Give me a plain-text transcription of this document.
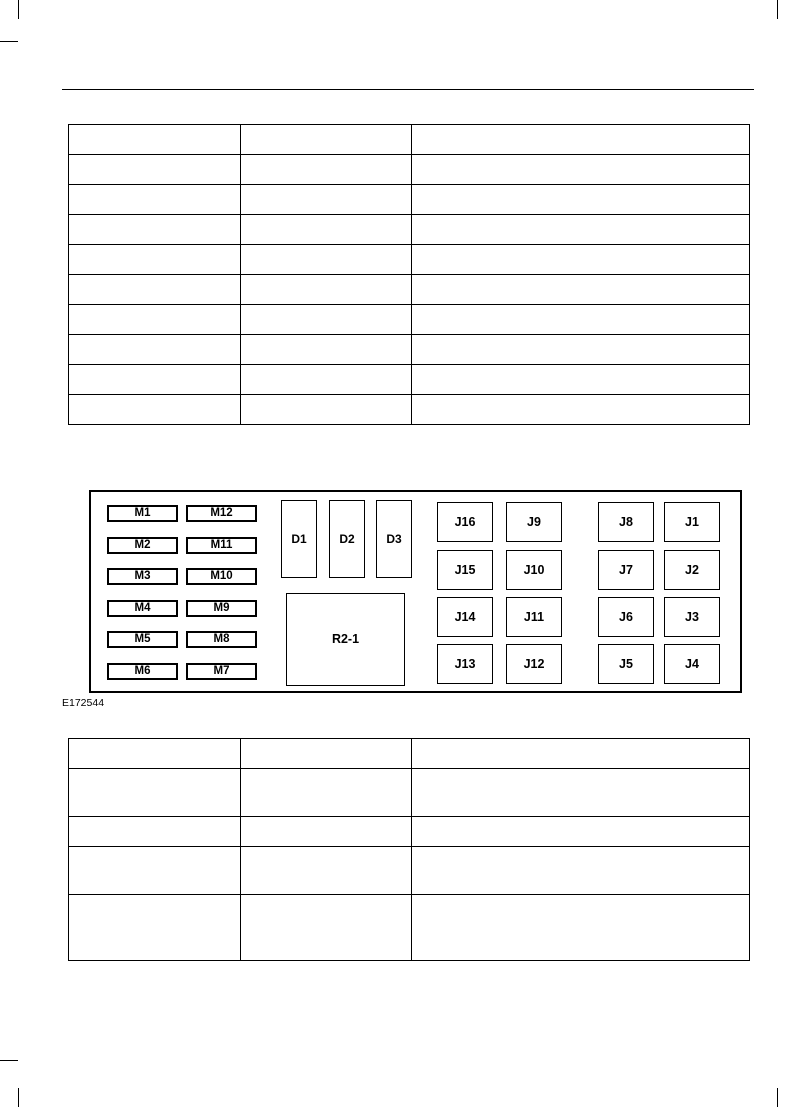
M1
M2
M3
M4
M5
M6
M12
M11
M10
M9
M8
M7
D1	D2	D3
R2-1
J16
J15
J14
J13
J9
J10
J11
J12
J8
J7
J6
J5
J1
J2
J3
J4
E172544
